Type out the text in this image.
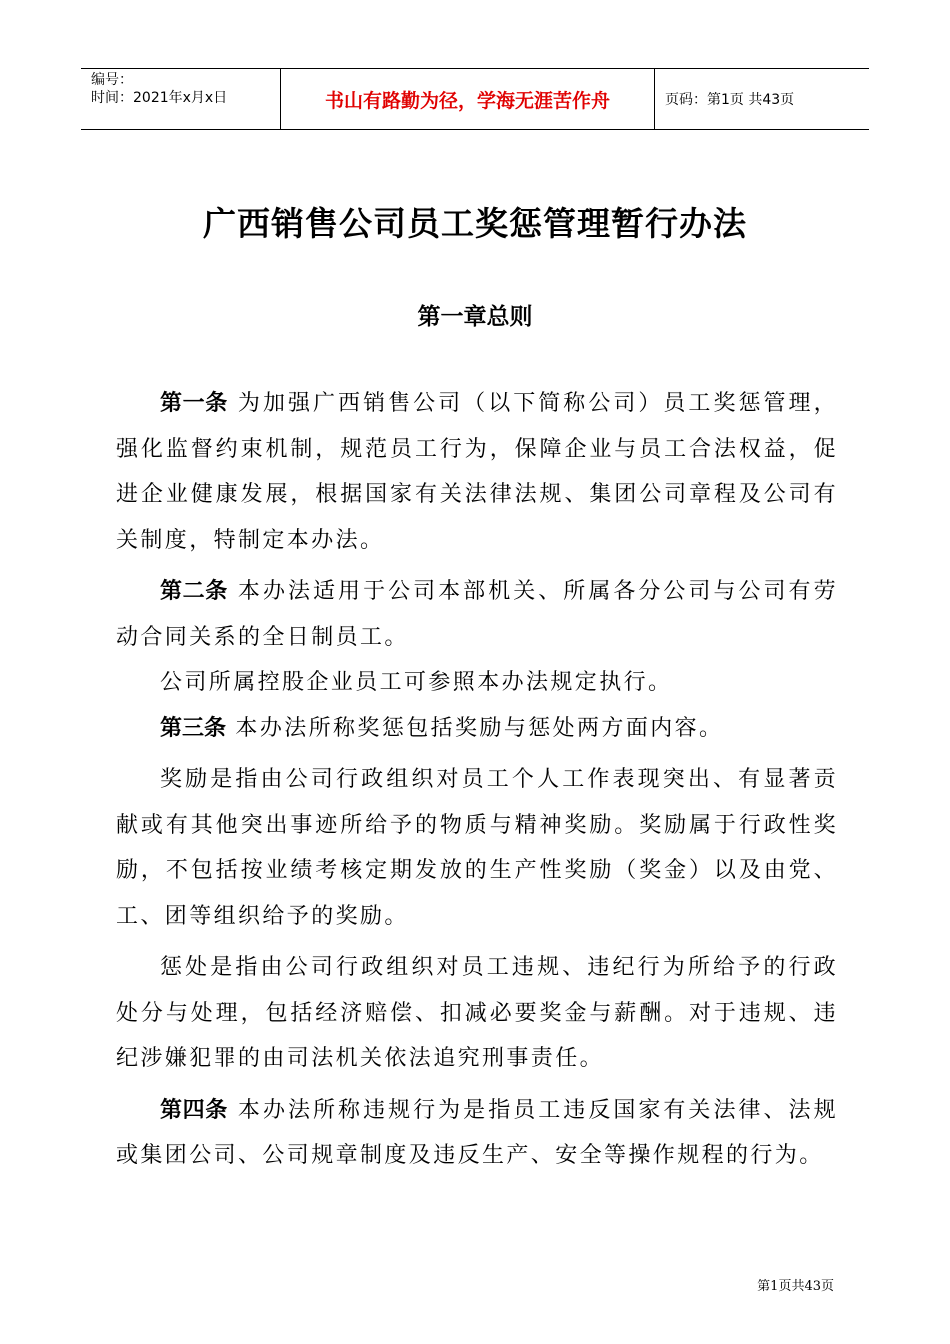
编号：
时间：2021年x月x日	书山有路勤为径，学海无涯苦作舟	页码：第1页 共43页
广西销售公司员工奖惩管理暂行办法
第一章总则

第一条 为加强广西销售公司（以下简称公司）员工奖惩管理，强化监督约束机制，规范员工行为，保障企业与员工合法权益，促进企业健康发展，根据国家有关法律法规、集团公司章程及公司有关制度，特制定本办法。

第二条 本办法适用于公司本部机关、所属各分公司与公司有劳动合同关系的全日制员工。

公司所属控股企业员工可参照本办法规定执行。

第三条 本办法所称奖惩包括奖励与惩处两方面内容。

奖励是指由公司行政组织对员工个人工作表现突出、有显著贡献或有其他突出事迹所给予的物质与精神奖励。奖励属于行政性奖励，不包括按业绩考核定期发放的生产性奖励（奖金）以及由党、工、团等组织给予的奖励。

惩处是指由公司行政组织对员工违规、违纪行为所给予的行政处分与处理，包括经济赔偿、扣减必要奖金与薪酬。对于违规、违纪涉嫌犯罪的由司法机关依法追究刑事责任。

第四条 本办法所称违规行为是指员工违反国家有关法律、法规或集团公司、公司规章制度及违反生产、安全等操作规程的行为。

第1页共43页
